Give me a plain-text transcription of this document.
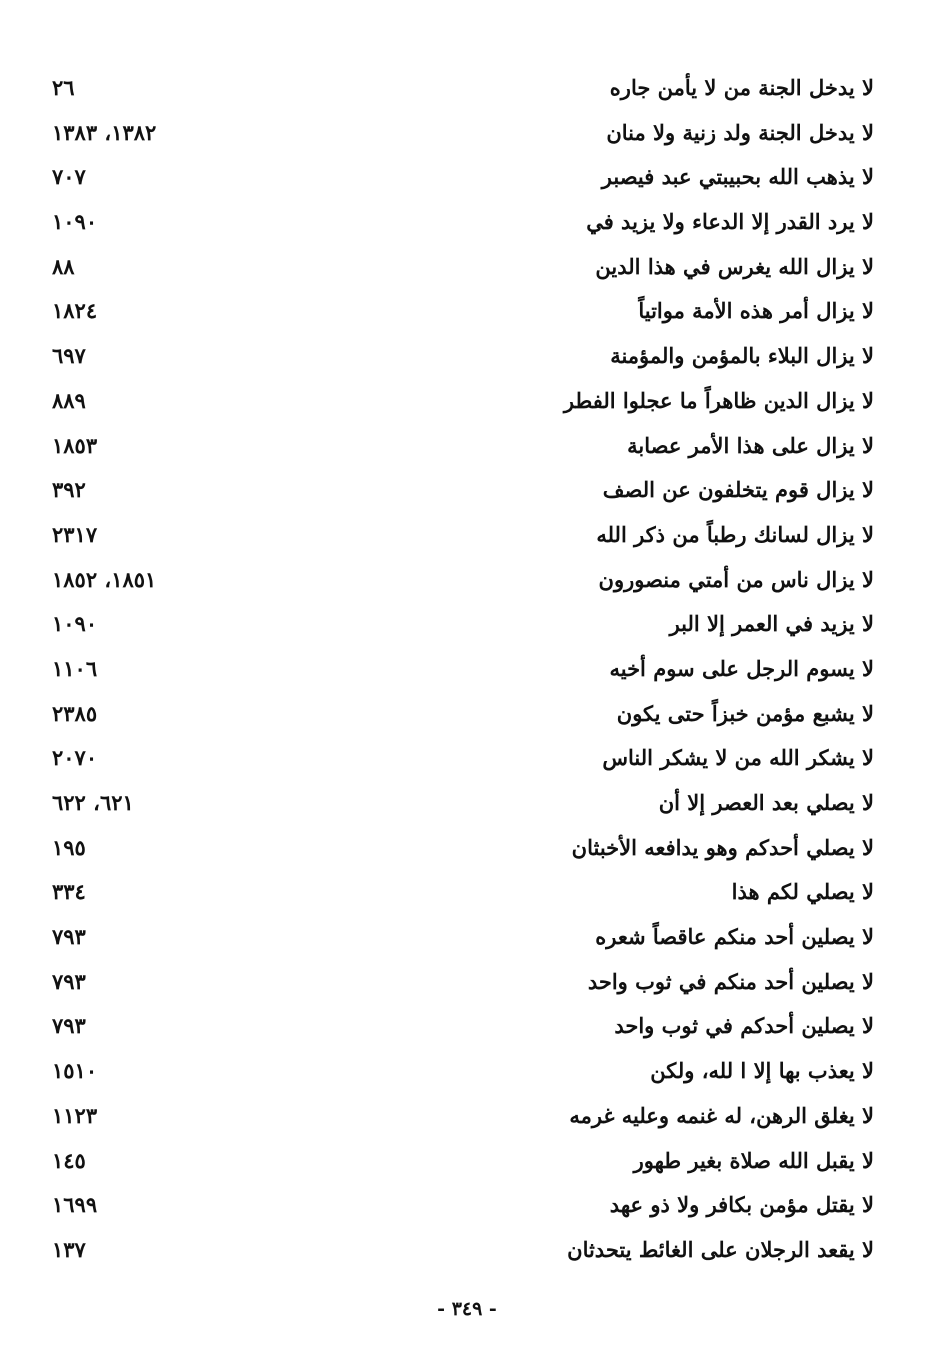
لا يدخل الجنة من لا يأمن جاره
٢٦
لا يدخل الجنة ولد زنية ولا منان
١٣٨٢، ١٣٨٣
لا يذهب الله بحبيبتي عبد فيصبر
٧٠٧
لا يرد القدر إلا الدعاء ولا يزيد في
١٠٩٠
لا يزال الله يغرس في هذا الدين
٨٨
لا يزال أمر هذه الأمة مواتياً
١٨٢٤
لا يزال البلاء بالمؤمن والمؤمنة
٦٩٧
لا يزال الدين ظاهراً ما عجلوا الفطر
٨٨٩
لا يزال على هذا الأمر عصابة
١٨٥٣
لا يزال قوم يتخلفون عن الصف
٣٩٢
لا يزال لسانك رطباً من ذكر الله
٢٣١٧
لا يزال ناس من أمتي منصورون
١٨٥١، ١٨٥٢
لا يزيد في العمر إلا البر
١٠٩٠
لا يسوم الرجل على سوم أخيه
١١٠٦
لا يشبع مؤمن خبزاً حتى يكون
٢٣٨٥
لا يشكر الله من لا يشكر الناس
٢٠٧٠
لا يصلي بعد العصر إلا أن
٦٢١، ٦٢٢
لا يصلي أحدكم وهو يدافعه الأخبثان
١٩٥
لا يصلي لكم هذا
٣٣٤
لا يصلين أحد منكم عاقصاً شعره
٧٩٣
لا يصلين أحد منكم في ثوب واحد
٧٩٣
لا يصلين أحدكم في ثوب واحد
٧٩٣
لا يعذب بها إلا ا لله، ولكن
١٥١٠
لا يغلق الرهن، له غنمه وعليه غرمه
١١٢٣
لا يقبل الله صلاة بغير طهور
١٤٥
لا يقتل مؤمن بكافر ولا ذو عهد
١٦٩٩
لا يقعد الرجلان على الغائط يتحدثان
١٣٧
- ٣٤٩ -
